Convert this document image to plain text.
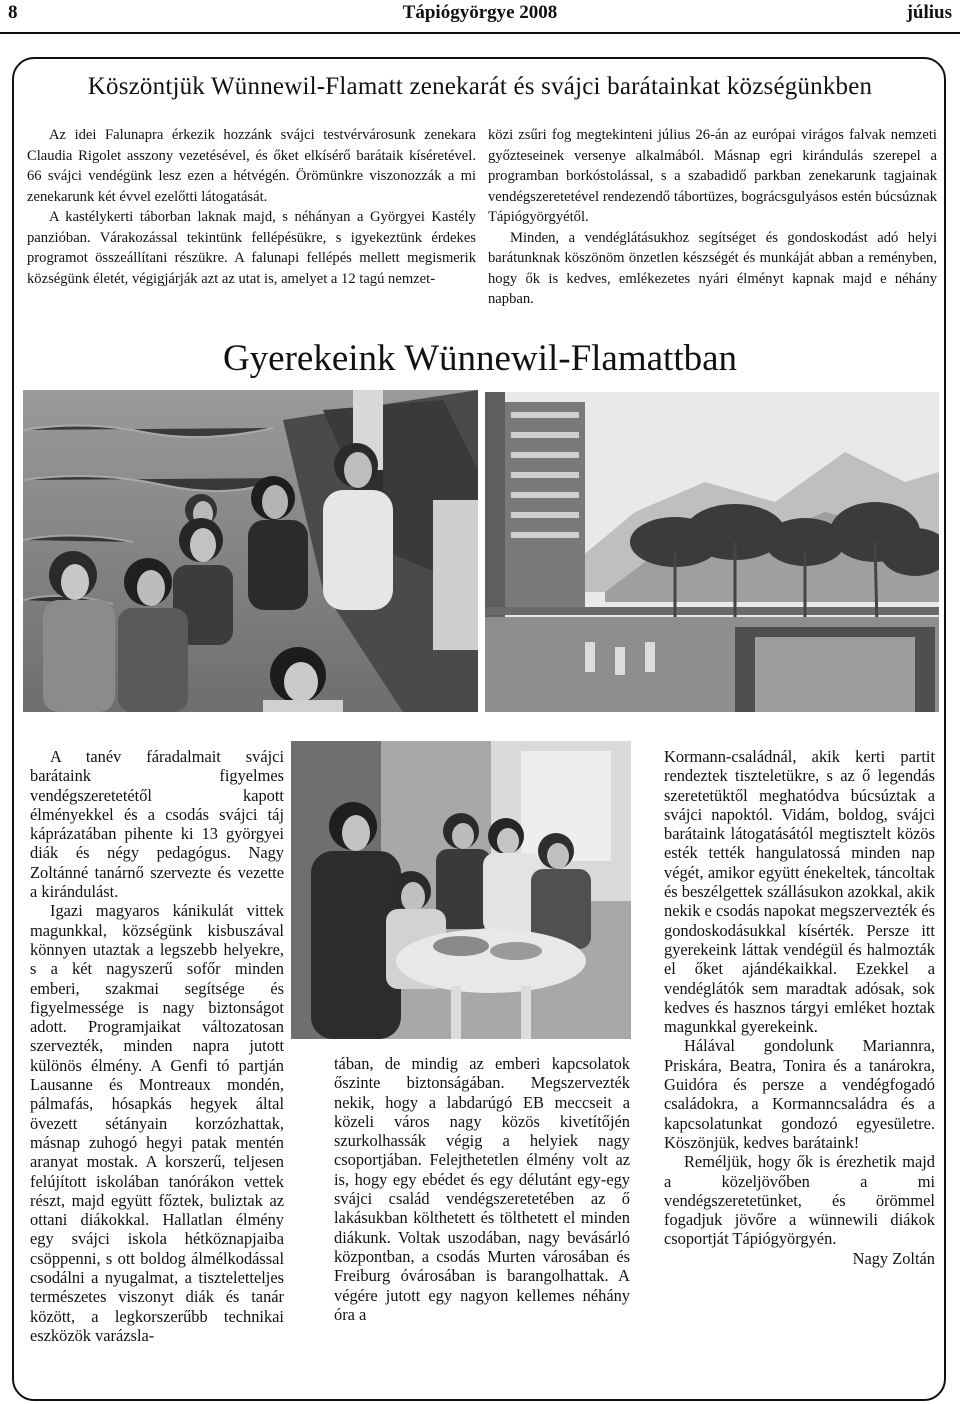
8	Tápiógyörgye 2008	július
Köszöntjük Wünnewil-Flamatt zenekarát és svájci barátainkat községünkben

Az idei Falunapra érkezik hozzánk svájci testvérvárosunk zenekara Claudia Rigolet asszony vezetésével, és őket elkísérő barátaik kíséretével. 66 svájci vendégünk lesz ezen a hétvégén. Örömünkre viszonozzák a mi zenekarunk két évvel ezelőtti látogatását.

A kastélykerti táborban laknak majd, s néhányan a Györgyei Kastély panzióban. Várakozással tekintünk fellépésükre, s igyekeztünk érdekes programot összeállítani részükre. A falunapi fellépés mellett megismerik községünk életét, végigjárják azt az utat is, amelyet a 12 tagú nemzet-

közi zsűri fog megtekinteni július 26-án az európai virágos falvak nemzeti győzteseinek versenye alkalmából. Másnap egri kirándulás szerepel a programban borkóstolással, s a szabadidő parkban zenekarunk tagjainak vendégszeretetével rendezendő tábortüzes, bográcsgulyásos estén búcsúznak Tápiógyörgyétől.

Minden, a vendéglátásukhoz segítséget és gondoskodást adó helyi barátunknak köszönöm önzetlen készségét és munkáját abban a reményben, hogy ők is kedves, emlékezetes nyári élményt kapnak majd e néhány napban.

Gyerekeink Wünnewil-Flamattban

A tanév fáradalmait svájci barátaink figyelmes vendégszeretetétől kapott élményekkel és a csodás svájci táj káprázatában pihente ki 13 györgyei diák és négy pedagógus. Nagy Zoltánné tanárnő szervezte és vezette a kirándulást.

Igazi magyaros kánikulát vittek magunkkal, községünk kisbuszával könnyen utaztak a legszebb helyekre, s a két nagyszerű sofőr minden emberi, szakmai segítsége és figyelmessége is nagy biztonságot adott. Programjaikat változatosan szervezték, minden napra jutott különös élmény. A Genfi tó partján Lausanne és Montreaux mondén, pálmafás, hósapkás hegyek által övezett sétányain korzózhattak, másnap zuhogó hegyi patak mentén aranyat mostak. A korszerű, teljesen felújított iskolában tanórákon vettek részt, majd együtt főztek, buliztak az ottani diákokkal. Hallatlan élmény egy svájci iskola hétköznapjaiba csöppenni, s ott boldog álmélkodással csodálni a nyugalmat, a tiszteletteljes természetes viszonyt diák és tanár között, a legkorszerűbb technikai eszközök varázsla-

tában, de mindig az emberi kapcsolatok őszinte biztonságában. Megszervezték nekik, hogy a labdarúgó EB meccseit a közeli város nagy közös kivetítőjén szurkolhassák végig a helyiek nagy csoportjában. Felejthetetlen élmény volt az is, hogy egy ebédet és egy délutánt egy-egy svájci család vendégszeretetében az ő lakásukban költhetett és tölthetett el minden diákunk. Voltak uszodában, nagy bevásárló központban, a csodás Murten városában és Freiburg óvárosában is barangolhattak. A végére jutott egy nagyon kellemes néhány óra a

Kormann-családnál, akik kerti partit rendeztek tiszteletükre, s az ő legendás szeretetüktől meghatódva búcsúztak a svájci napoktól. Vidám, boldog, svájci barátaink látogatásától megtisztelt közös esték tették hangulatossá minden nap végét, amikor együtt énekeltek, táncoltak és beszélgettek szállásukon azokkal, akik nekik e csodás napokat megszervezték és gondoskodásukkal kísérték. Persze itt gyerekeink láttak vendégül és halmozták el őket ajándékaikkal. Ezekkel a vendéglátók sem maradtak adósak, sok kedves és hasznos tárgyi emléket hoztak magunkkal gyerekeink.

Hálával gondolunk Mariannra, Priskára, Beatra, Tonira és a tanárokra, Guidóra és persze a vendégfogadó családokra, a Kormanncsaládra és a kapcsolatunkat gondozó egyesületre. Köszönjük, kedves barátaink!

Reméljük, hogy ők is érezhetik majd a közeljövőben a mi vendégszeretetünket, és örömmel fogadjuk jövőre a wünnewili diákok csoportját Tápiógyörgyén.

Nagy Zoltán
